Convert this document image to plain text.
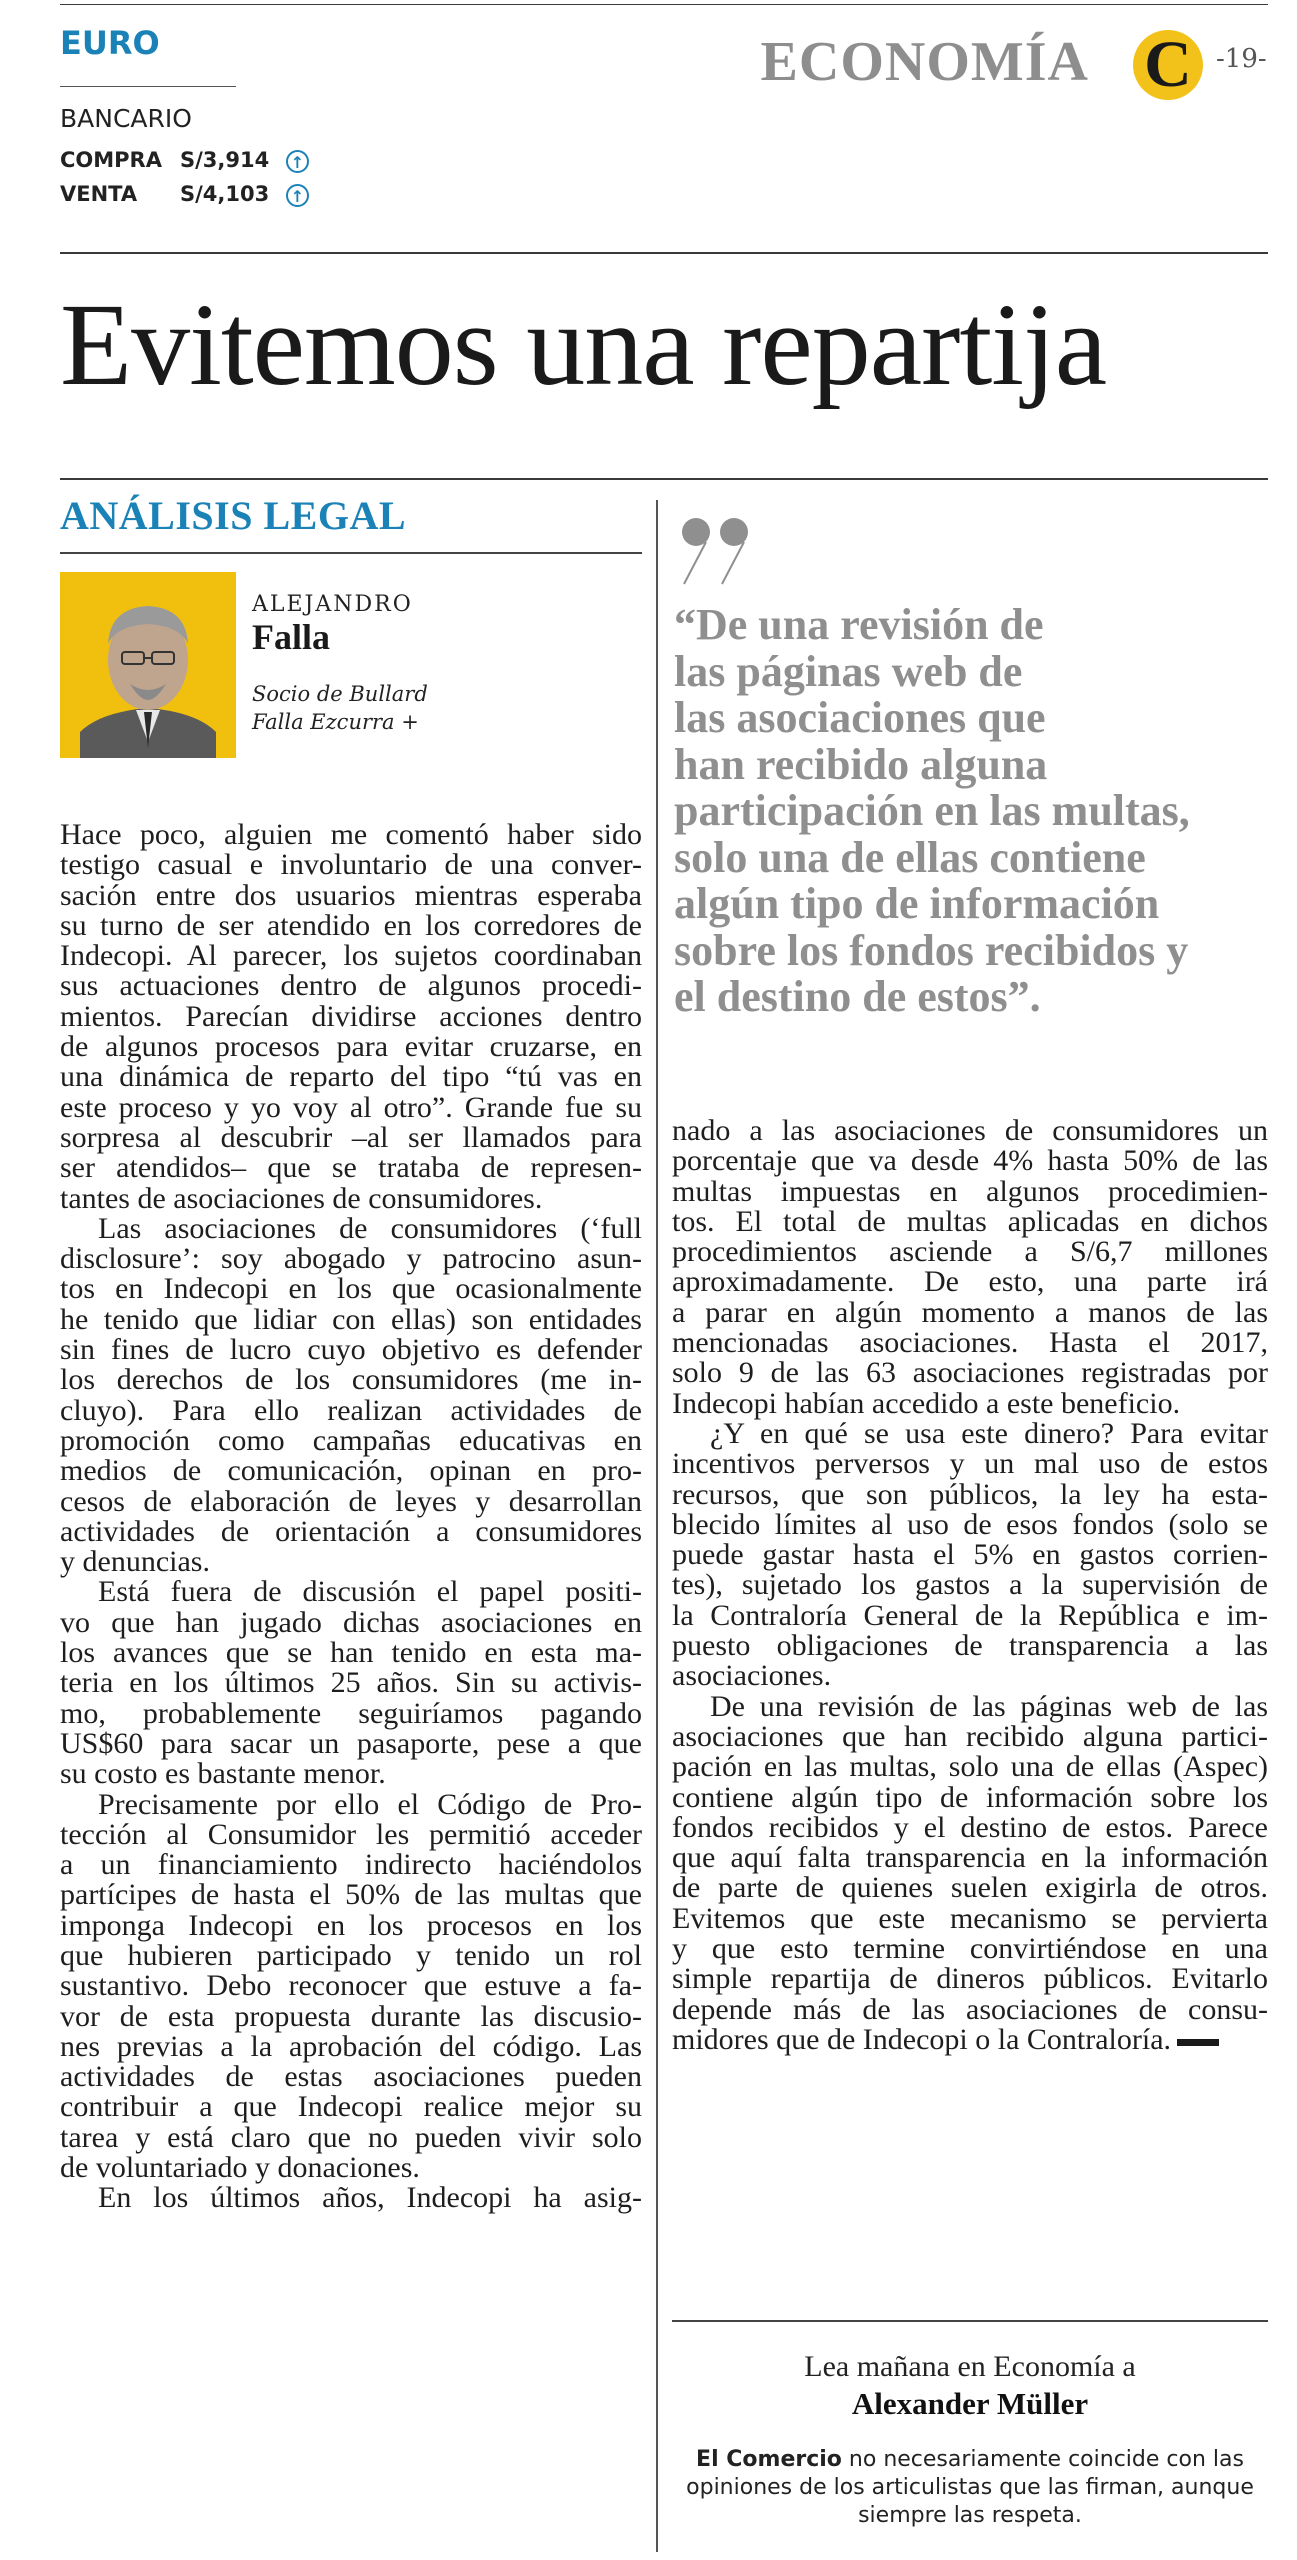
EURO
BANCARIO
COMPRA S/3,914 ↑
VENTA S/4,103 ↑
ECONOMÍA C -19-
Evitemos una repartija
ANÁLISIS LEGAL
ALEJANDRO
Falla
Socio de Bullard
Falla Ezcurra +
“De una revisión de
las páginas web de
las asociaciones que
han recibido alguna
participación en las multas,
solo una de ellas contiene
algún tipo de información
sobre los fondos recibidos y
el destino de estos”.
Hace poco, alguien me comentó haber sido
testigo casual e involuntario de una conver-
sación entre dos usuarios mientras esperaba
su turno de ser atendido en los corredores de
Indecopi. Al parecer, los sujetos coordinaban
sus actuaciones dentro de algunos procedi-
mientos. Parecían dividirse acciones dentro
de algunos procesos para evitar cruzarse, en
una dinámica de reparto del tipo “tú vas en
este proceso y yo voy al otro”. Grande fue su
sorpresa al descubrir –al ser llamados para
ser atendidos– que se trataba de represen-
tantes de asociaciones de consumidores.
Las asociaciones de consumidores (‘full
disclosure’: soy abogado y patrocino asun-
tos en Indecopi en los que ocasionalmente
he tenido que lidiar con ellas) son entidades
sin fines de lucro cuyo objetivo es defender
los derechos de los consumidores (me in-
cluyo). Para ello realizan actividades de
promoción como campañas educativas en
medios de comunicación, opinan en pro-
cesos de elaboración de leyes y desarrollan
actividades de orientación a consumidores
y denuncias.
Está fuera de discusión el papel positi-
vo que han jugado dichas asociaciones en
los avances que se han tenido en esta ma-
teria en los últimos 25 años. Sin su activis-
mo, probablemente seguiríamos pagando
US$60 para sacar un pasaporte, pese a que
su costo es bastante menor.
Precisamente por ello el Código de Pro-
tección al Consumidor les permitió acceder
a un financiamiento indirecto haciéndolos
partícipes de hasta el 50% de las multas que
imponga Indecopi en los procesos en los
que hubieren participado y tenido un rol
sustantivo. Debo reconocer que estuve a fa-
vor de esta propuesta durante las discusio-
nes previas a la aprobación del código. Las
actividades de estas asociaciones pueden
contribuir a que Indecopi realice mejor su
tarea y está claro que no pueden vivir solo
de voluntariado y donaciones.
En los últimos años, Indecopi ha asig-
nado a las asociaciones de consumidores un
porcentaje que va desde 4% hasta 50% de las
multas impuestas en algunos procedimien-
tos. El total de multas aplicadas en dichos
procedimientos asciende a S/6,7 millones
aproximadamente. De esto, una parte irá
a parar en algún momento a manos de las
mencionadas asociaciones. Hasta el 2017,
solo 9 de las 63 asociaciones registradas por
Indecopi habían accedido a este beneficio.
¿Y en qué se usa este dinero? Para evitar
incentivos perversos y un mal uso de estos
recursos, que son públicos, la ley ha esta-
blecido límites al uso de esos fondos (solo se
puede gastar hasta el 5% en gastos corrien-
tes), sujetado los gastos a la supervisión de
la Contraloría General de la República e im-
puesto obligaciones de transparencia a las
asociaciones.
De una revisión de las páginas web de las
asociaciones que han recibido alguna partici-
pación en las multas, solo una de ellas (Aspec)
contiene algún tipo de información sobre los
fondos recibidos y el destino de estos. Parece
que aquí falta transparencia en la información
de parte de quienes suelen exigirla de otros.
Evitemos que este mecanismo se pervierta
y que esto termine convirtiéndose en una
simple repartija de dineros públicos. Evitarlo
depende más de las asociaciones de consu-
midores que de Indecopi o la Contraloría.
Lea mañana en Economía a
Alexander Müller
El Comercio no necesariamente coincide con las
opiniones de los articulistas que las firman, aunque
siempre las respeta.
